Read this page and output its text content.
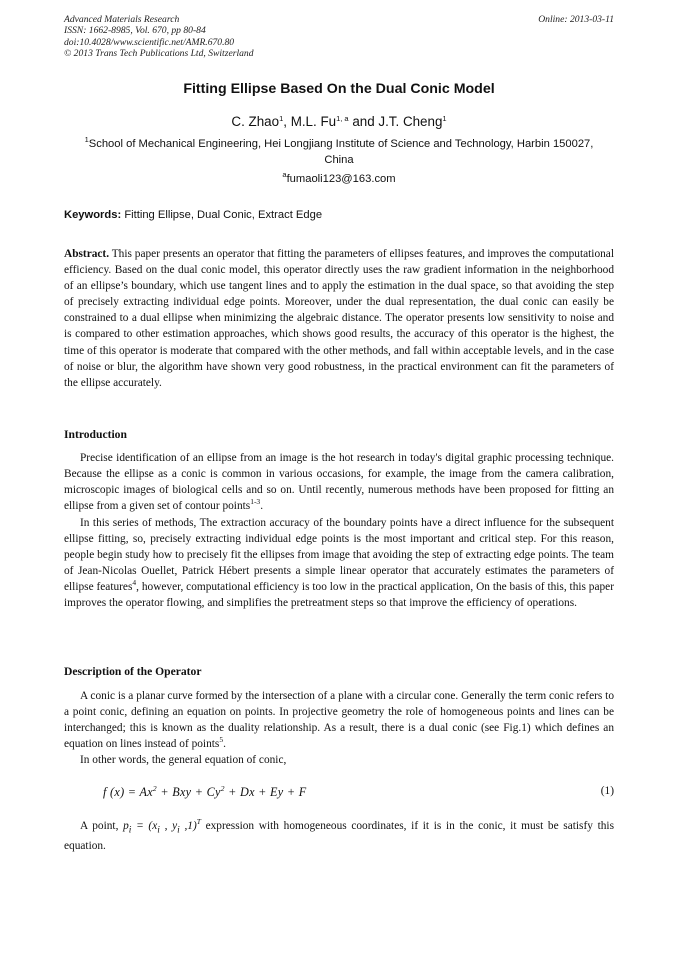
Advanced Materials Research
ISSN: 1662-8985, Vol. 670, pp 80-84
doi:10.4028/www.scientific.net/AMR.670.80
© 2013 Trans Tech Publications Ltd, Switzerland
Online: 2013-03-11
Fitting Ellipse Based On the Dual Conic Model
C. Zhao$^1$, M.L. Fu$^{1, a}$ and J.T. Cheng$^1$
$^1$School of Mechanical Engineering, Hei Longjiang Institute of Science and Technology, Harbin 150027, China
$^a$fumaoli123@163.com
Keywords: Fitting Ellipse, Dual Conic, Extract Edge
Abstract. This paper presents an operator that fitting the parameters of ellipses features, and improves the computational efficiency. Based on the dual conic model, this operator directly uses the raw gradient information in the neighborhood of an ellipse’s boundary, which use tangent lines and to apply the estimation in the dual space, so that avoiding the step of precisely extracting individual edge points. Moreover, under the dual representation, the dual conic can easily be constrained to a dual ellipse when minimizing the algebraic distance. The operator presents low sensitivity to noise and is compared to other estimation approaches, which shows good results, the accuracy of this operator is the highest, the time of this operator is moderate that compared with the other methods, and fall within acceptable levels, and in the case of noise or blur, the algorithm have shown very good robustness, in the practical environment can fit the parameters of the ellipse accurately.
Introduction
Precise identification of an ellipse from an image is the hot research in today's digital graphic processing technique. Because the ellipse as a conic is common in various occasions, for example, the image from the camera calibration, microscopic images of biological cells and so on. Until recently, numerous methods have been proposed for fitting an ellipse from a given set of contour points$^{1-3}$.
In this series of methods, The extraction accuracy of the boundary points have a direct influence for the subsequent ellipse fitting, so, precisely extracting individual edge points is the most important and critical step. For this reason, people begin study how to precisely fit the ellipses from image that avoiding the step of extracting edge points. The team of Jean-Nicolas Ouellet, Patrick Hébert presents a simple linear operator that accurately estimates the parameters of ellipse features$^4$, however, computational efficiency is too low in the practical application, On the basis of this, this paper improves the operator flowing, and simplifies the pretreatment steps so that improve the efficiency of operations.
Description of the Operator
A conic is a planar curve formed by the intersection of a plane with a circular cone. Generally the term conic refers to a point conic, defining an equation on points. In projective geometry the role of homogeneous points and lines can be interchanged; this is known as the duality relationship. As a result, there is a dual conic (see Fig.1) which defines an equation on lines instead of points$^5$.
In other words, the general equation of conic,
f $(x) = Ax^2$ + Bxy + $Cy^2 + Dx + Ey + F$	(1)
A point, $p_i = (x_i$ , $y_i$ ,1)$^T$ expression with homogeneous coordinates, if it is in the conic, it must be satisfy this equation.
